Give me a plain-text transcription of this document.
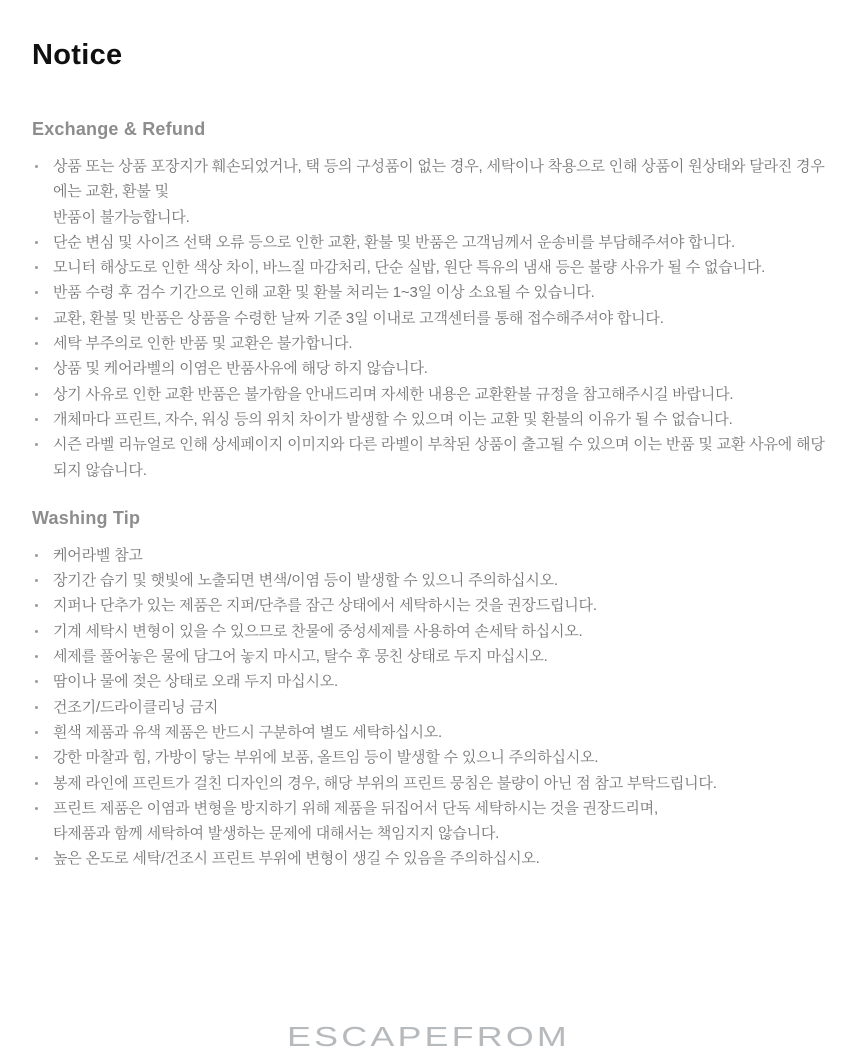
Notice
Exchange & Refund
상품 또는 상품 포장지가 훼손되었거나, 택 등의 구성품이 없는 경우, 세탁이나 착용으로 인해 상품이 원상태와 달라진 경우에는 교환, 환불 및
반품이 불가능합니다.
단순 변심 및 사이즈 선택 오류 등으로 인한 교환, 환불 및 반품은 고객님께서 운송비를 부담해주셔야 합니다.
모니터 해상도로 인한 색상 차이, 바느질 마감처리, 단순 실밥, 원단 특유의 냄새 등은 불량 사유가 될 수 없습니다.
반품 수령 후 검수 기간으로 인해 교환 및 환불 처리는 1~3일 이상 소요될 수 있습니다.
교환, 환불 및 반품은 상품을 수령한 날짜 기준 3일 이내로 고객센터를 통해 접수해주셔야 합니다.
세탁 부주의로 인한 반품 및 교환은 불가합니다.
상품 및 케어라벨의 이염은 반품사유에 해당 하지 않습니다.
상기 사유로 인한 교환 반품은 불가함을 안내드리며 자세한 내용은 교환환불 규정을 참고해주시길 바랍니다.
개체마다 프린트, 자수, 워싱 등의 위치 차이가 발생할 수 있으며 이는 교환 및 환불의 이유가 될 수 없습니다.
시즌 라벨 리뉴얼로 인해 상세페이지 이미지와 다른 라벨이 부착된 상품이 출고될 수 있으며 이는 반품 및 교환 사유에 해당되지 않습니다.
Washing Tip
케어라벨 참고
장기간 습기 및 햇빛에 노출되면 변색/이염 등이 발생할 수 있으니 주의하십시오.
지퍼나 단추가 있는 제품은 지퍼/단추를 잠근 상태에서 세탁하시는 것을 권장드립니다.
기계 세탁시 변형이 있을 수 있으므로 찬물에 중성세제를 사용하여 손세탁 하십시오.
세제를 풀어놓은 물에 담그어 놓지 마시고, 탈수 후 뭉친 상태로 두지 마십시오.
땀이나 물에 젖은 상태로 오래 두지 마십시오.
건조기/드라이클리닝 금지
흰색 제품과 유색 제품은 반드시 구분하여 별도 세탁하십시오.
강한 마찰과 힘, 가방이 닿는 부위에 보품, 올트임 등이 발생할 수 있으니 주의하십시오.
봉제 라인에 프린트가 걸친 디자인의 경우, 해당 부위의 프린트 뭉침은 불량이 아닌 점 참고 부탁드립니다.
프린트 제품은 이염과 변형을 방지하기 위해 제품을 뒤집어서 단독 세탁하시는 것을 권장드리며,
타제품과 함께 세탁하여 발생하는 문제에 대해서는 책임지지 않습니다.
높은 온도로 세탁/건조시 프린트 부위에 변형이 생길 수 있음을 주의하십시오.
ESCAPEFROM
